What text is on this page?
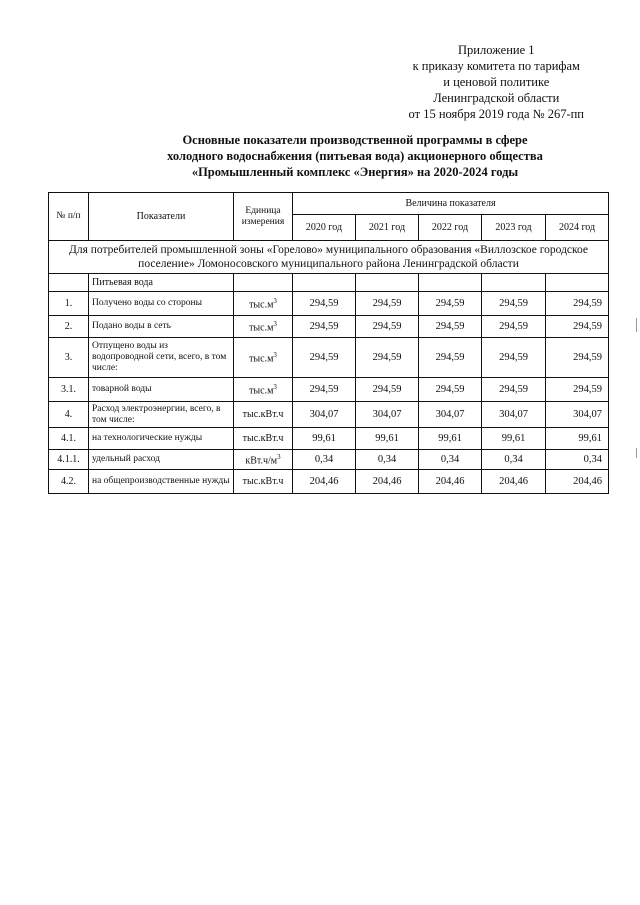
Приложение 1
к приказу комитета по тарифам
и ценовой политике
Ленинградской области
от 15 ноября 2019 года № 267-пп
Основные показатели производственной программы в сфере
холодного водоснабжения (питьевая вода) акционерного общества
«Промышленный комплекс «Энергия» на 2020-2024 годы
№ п/п	Показатели	Единица измерения	Величина показателя				
			2020 год	2021 год	2022 год	2023 год	2024 год
Для потребителей промышленной зоны «Горелово» муниципального образования «Виллозское городское поселение» Ломоносовского муниципального района Ленинградской области							
	Питьевая вода						
1.	Получено воды со стороны	$тыс.м^3$	294,59	294,59	294,59	294,59	294,59
2.	Подано воды в сеть	$тыс.м^3$	294,59	294,59	294,59	294,59	294,59
3.	Отпущено воды из водопроводной сети, всего, в том числе:	$тыс.м^3$	294,59	294,59	294,59	294,59	294,59
3.1.	товарной воды	$тыс.м^3$	294,59	294,59	294,59	294,59	294,59
4.	Расход электроэнергии, всего, в том числе:	тыс.кВт.ч	304,07	304,07	304,07	304,07	304,07
4.1.	на технологические нужды	тыс.кВт.ч	99,61	99,61	99,61	99,61	99,61
4.1.1.	удельный расход	$кВт.ч/м^3$	0,34	0,34	0,34	0,34	0,34
4.2.	на общепроизводственные нужды	тыс.кВт.ч	204,46	204,46	204,46	204,46	204,46
